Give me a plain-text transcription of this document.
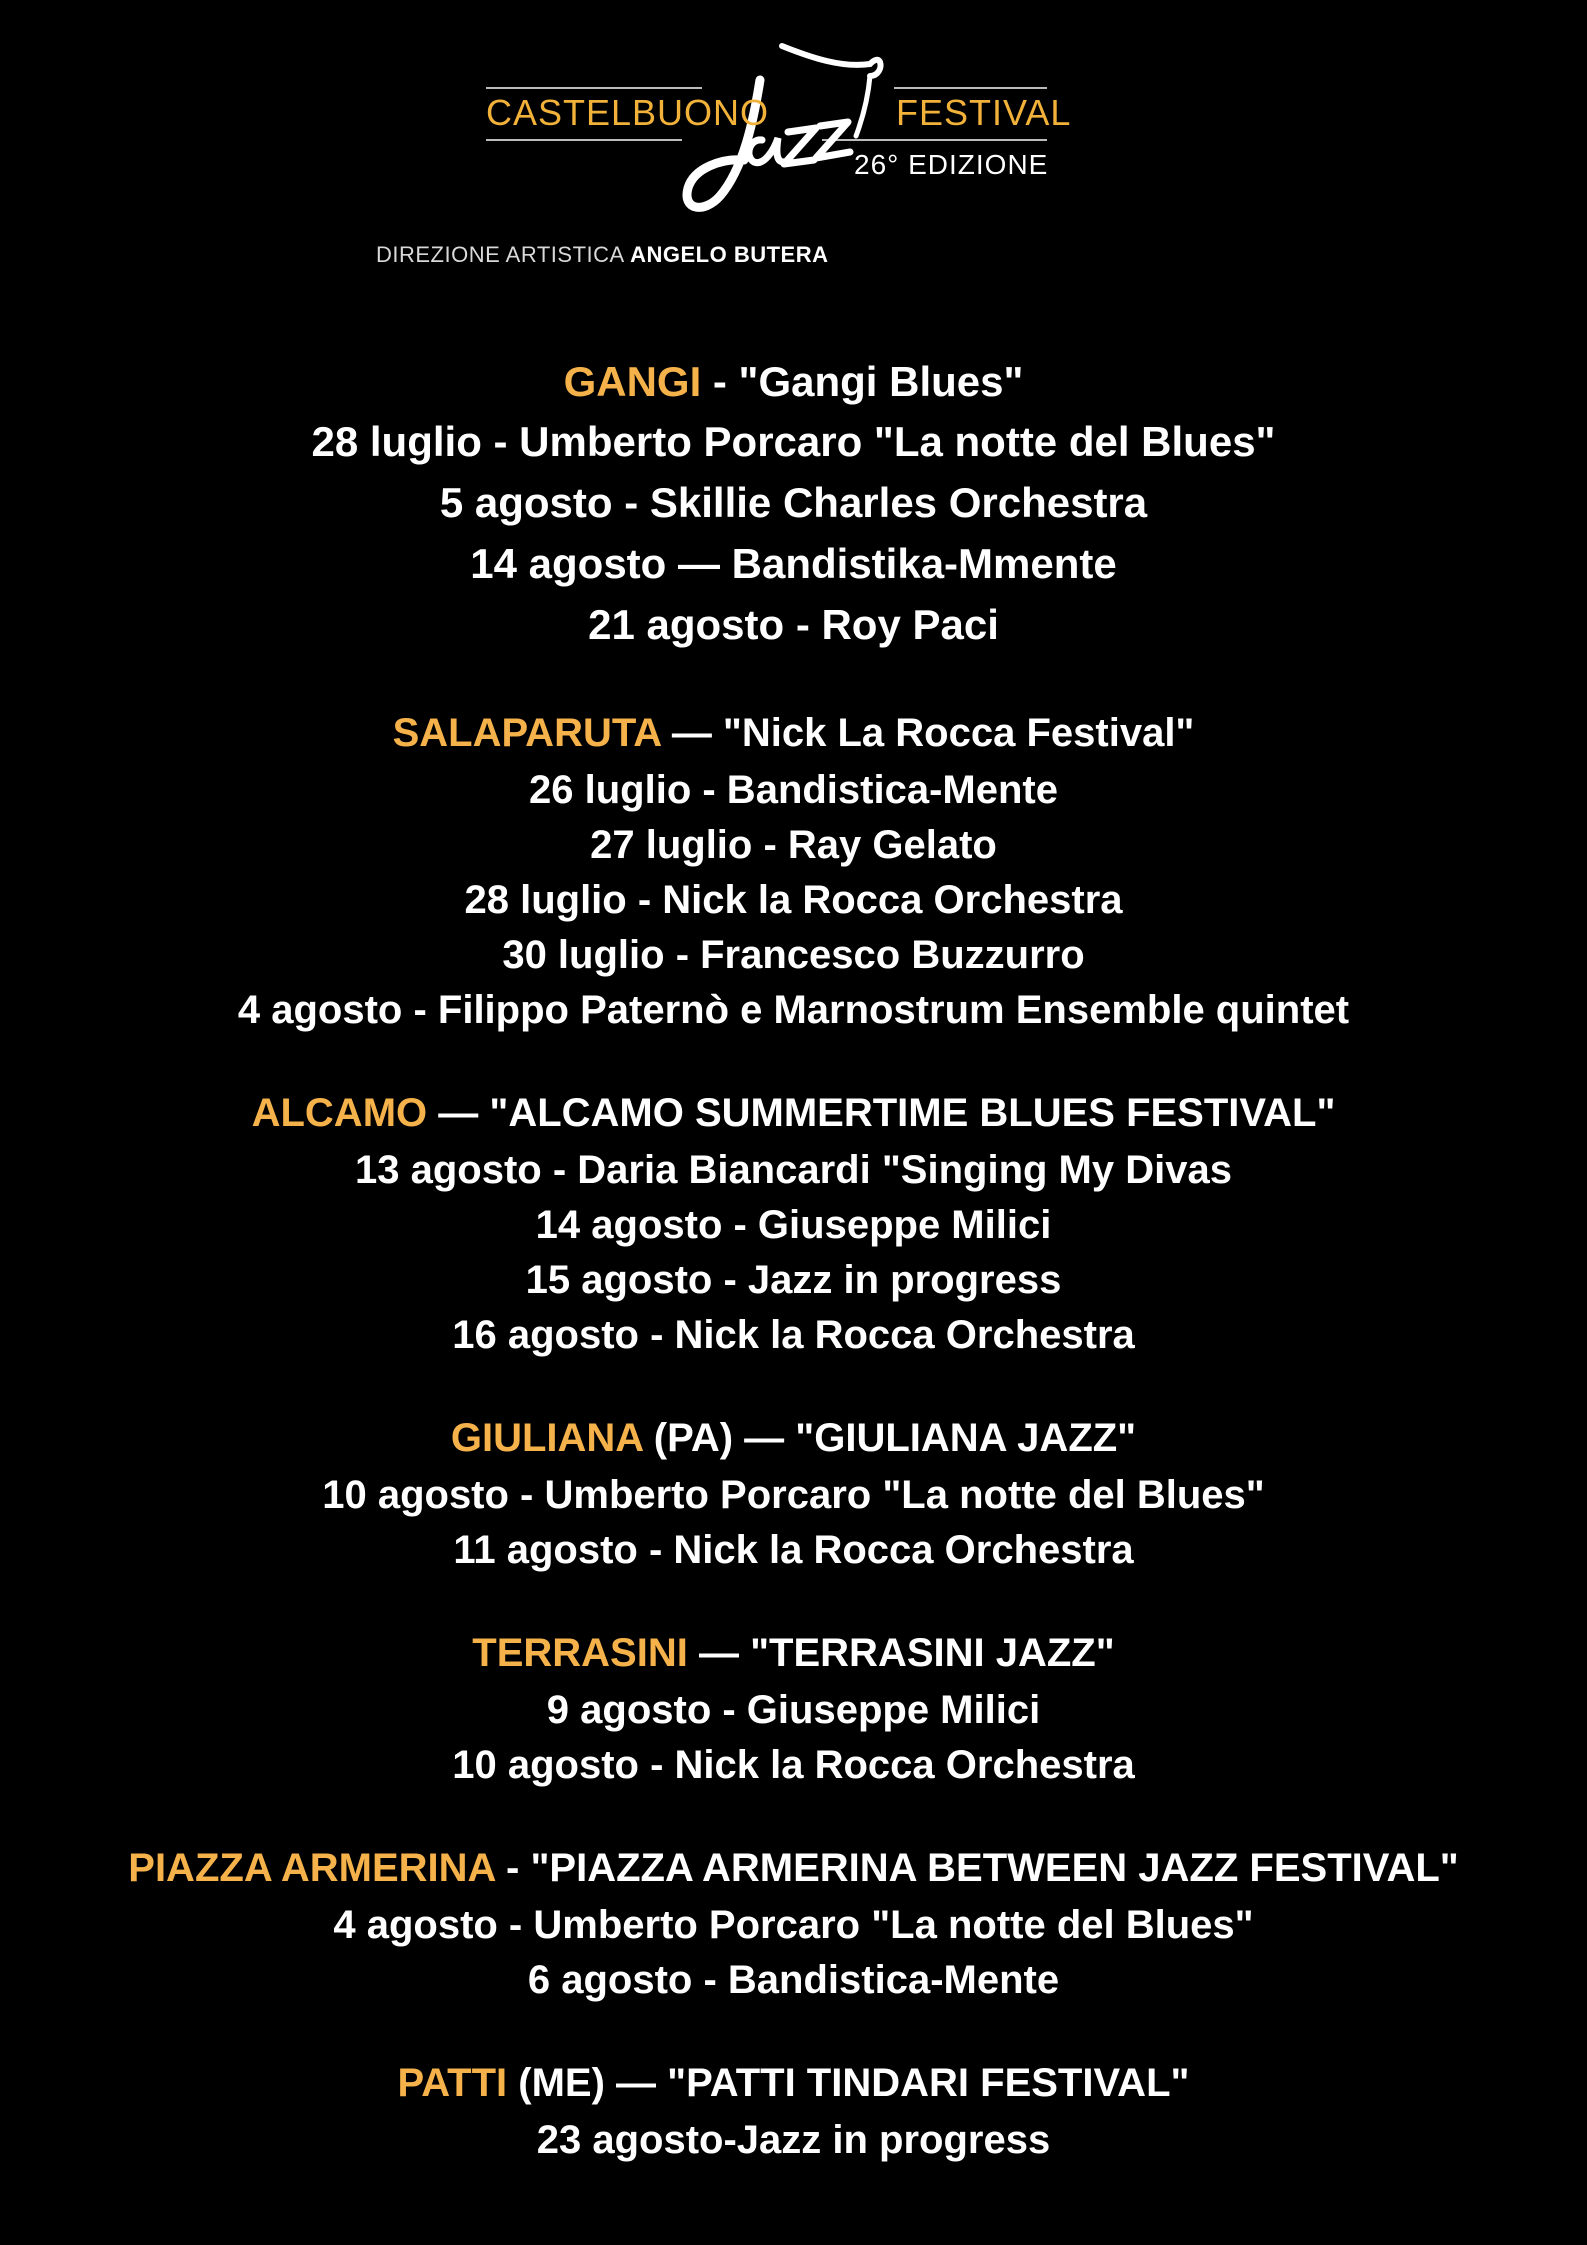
CASTELBUONO	FESTIVAL
26° EDIZIONE
DIREZIONE ARTISTICA ANGELO BUTERA
GANGI - "Gangi Blues"
28 luglio - Umberto Porcaro "La notte del Blues"
5 agosto - Skillie Charles Orchestra
14 agosto — Bandistika-Mmente
21 agosto - Roy Paci
SALAPARUTA — "Nick La Rocca Festival"
26 luglio - Bandistica-Mente
27 luglio - Ray Gelato
28 luglio - Nick la Rocca Orchestra
30 luglio - Francesco Buzzurro
4 agosto - Filippo Paternò e Marnostrum Ensemble quintet
ALCAMO — "ALCAMO SUMMERTIME BLUES FESTIVAL"
13 agosto - Daria Biancardi "Singing My Divas
14 agosto - Giuseppe Milici
15 agosto - Jazz in progress
16 agosto - Nick la Rocca Orchestra
GIULIANA (PA) — "GIULIANA JAZZ"
10 agosto - Umberto Porcaro "La notte del Blues"
11 agosto - Nick la Rocca Orchestra
TERRASINI — "TERRASINI JAZZ"
9 agosto - Giuseppe Milici
10 agosto - Nick la Rocca Orchestra
PIAZZA ARMERINA - "PIAZZA ARMERINA BETWEEN JAZZ FESTIVAL"
4 agosto - Umberto Porcaro "La notte del Blues"
6 agosto - Bandistica-Mente
PATTI (ME) — "PATTI TINDARI FESTIVAL"
23 agosto-Jazz in progress
